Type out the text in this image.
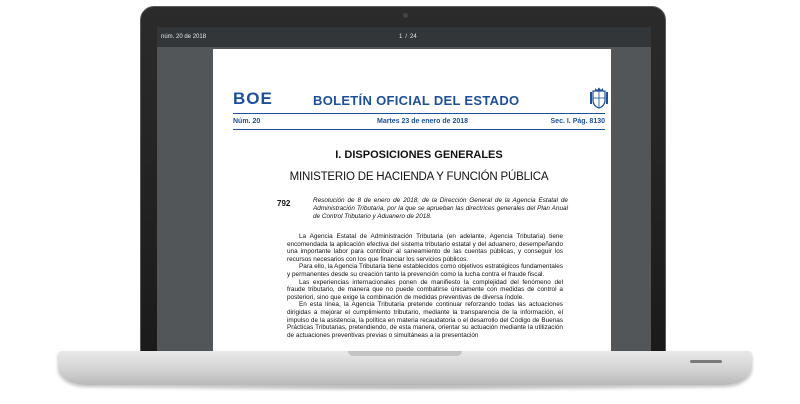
núm. 20 de 2018	1 / 24
BOE	BOLETÍN OFICIAL DEL ESTADO
Núm. 20	Martes 23 de enero de 2018	Sec. I. Pág. 8130
I. DISPOSICIONES GENERALES
MINISTERIO DE HACIENDA Y FUNCIÓN PÚBLICA
792	Resolución de 8 de enero de 2018, de la Dirección General de la Agencia Estatal de Administración Tributaria, por la que se aprueban las directrices generales del Plan Anual de Control Tributario y Aduanero de 2018.

La Agencia Estatal de Administración Tributaria (en adelante, Agencia Tributaria) tiene encomendada la aplicación efectiva del sistema tributario estatal y del aduanero, desempeñando una importante labor para contribuir al saneamiento de las cuentas públicas, y conseguir los recursos necesarios con los que financiar los servicios públicos.

Para ello, la Agencia Tributaria tiene establecidos como objetivos estratégicos fundamentales y permanentes desde su creación tanto la prevención como la lucha contra el fraude fiscal.

Las experiencias internacionales ponen de manifiesto la complejidad del fenómeno del fraude tributario, de manera que no puede combatirse únicamente con medidas de control a posteriori, sino que exige la combinación de medidas preventivas de diversa índole.

En esta línea, la Agencia Tributaria pretende continuar reforzando todas las actuaciones dirigidas a mejorar el cumplimiento tributario, mediante la transparencia de la información, el impulso de la asistencia, la política en materia recaudatoria o el desarrollo del Código de Buenas Prácticas Tributarias, pretendiendo, de esta manera, orientar su actuación mediante la utilización de actuaciones preventivas previas o simultáneas a la presentación
